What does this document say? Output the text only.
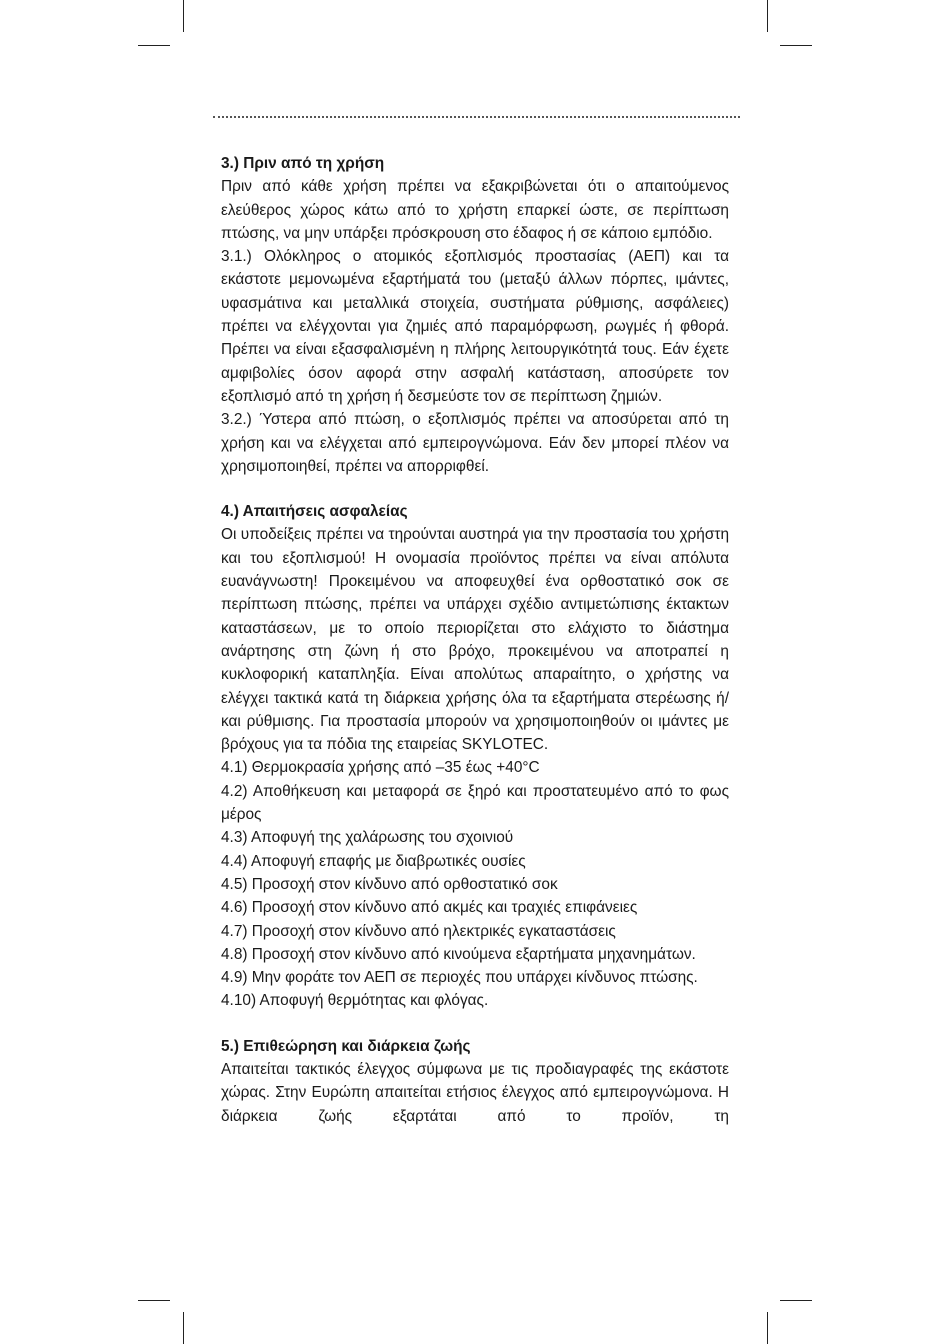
3.) Πριν από τη χρήση

Πριν από κάθε χρήση πρέπει να εξακριβώνεται ότι ο απαιτούμενος ελεύθερος χώρος κάτω από το χρήστη επαρκεί ώστε, σε περίπτωση πτώσης, να μην υπάρξει πρόσκρουση στο έδαφος ή σε κάποιο εμπόδιο.

3.1.) Ολόκληρος ο ατομικός εξοπλισμός προστασίας (ΑΕΠ) και τα εκάστοτε μεμονωμένα εξαρτήματά του (μεταξύ άλλων πόρπες, ιμάντες, υφασμάτινα και μεταλλικά στοιχεία, συστήματα ρύθμισης, ασφάλειες) πρέπει να ελέγχονται για ζημιές από παραμόρφωση, ρωγμές ή φθορά. Πρέπει να είναι εξασφαλισμένη η πλήρης λειτουργικότητά τους. Εάν έχετε αμφιβολίες όσον αφορά στην ασφαλή κατάσταση, αποσύρετε τον εξοπλισμό από τη χρήση ή δεσμεύστε τον σε περίπτωση ζημιών.

3.2.) Ύστερα από πτώση, ο εξοπλισμός πρέπει να αποσύρεται από τη χρήση και να ελέγχεται από εμπειρογνώμονα. Εάν δεν μπορεί πλέον να χρησιμοποιηθεί, πρέπει να απορριφθεί.

4.) Απαιτήσεις ασφαλείας

Οι υποδείξεις πρέπει να τηρούνται αυστηρά για την προστασία του χρήστη και του εξοπλισμού! Η ονομασία προϊόντος πρέπει να είναι απόλυτα ευανάγνωστη! Προκειμένου να αποφευχθεί ένα ορθοστατικό σοκ σε περίπτωση πτώσης, πρέπει να υπάρχει σχέδιο αντιμετώπισης έκτακτων καταστάσεων, με το οποίο περιορίζεται στο ελάχιστο το διάστημα ανάρτησης στη ζώνη ή στο βρόχο, προκειμένου να αποτραπεί η κυκλοφορική καταπληξία. Είναι απολύτως απαραίτητο, ο χρήστης να ελέγχει τακτικά κατά τη διάρκεια χρήσης όλα τα εξαρτήματα στερέωσης ή/και ρύθμισης. Για προστασία μπορούν να χρησιμοποιηθούν οι ιμάντες με βρόχους για τα πόδια της εταιρείας SKYLOTEC.

4.1) Θερμοκρασία χρήσης από –35 έως +40°C

4.2) Αποθήκευση και μεταφορά σε ξηρό και προστατευμένο από το φως μέρος

4.3) Αποφυγή της χαλάρωσης του σχοινιού

4.4) Αποφυγή επαφής με διαβρωτικές ουσίες

4.5) Προσοχή στον κίνδυνο από ορθοστατικό σοκ

4.6) Προσοχή στον κίνδυνο από ακμές και τραχιές επιφάνειες

4.7) Προσοχή στον κίνδυνο από ηλεκτρικές εγκαταστάσεις

4.8) Προσοχή στον κίνδυνο από κινούμενα εξαρτήματα μηχανημάτων.

4.9) Μην φοράτε τον ΑΕΠ σε περιοχές που υπάρχει κίνδυνος πτώσης.

4.10) Αποφυγή θερμότητας και φλόγας.

5.) Επιθεώρηση και διάρκεια ζωής

Απαιτείται τακτικός έλεγχος σύμφωνα με τις προδιαγραφές της εκάστοτε χώρας. Στην Ευρώπη απαιτείται ετήσιος έλεγχος από εμπειρογνώμονα. Η διάρκεια ζωής εξαρτάται από το προϊόν, τη
